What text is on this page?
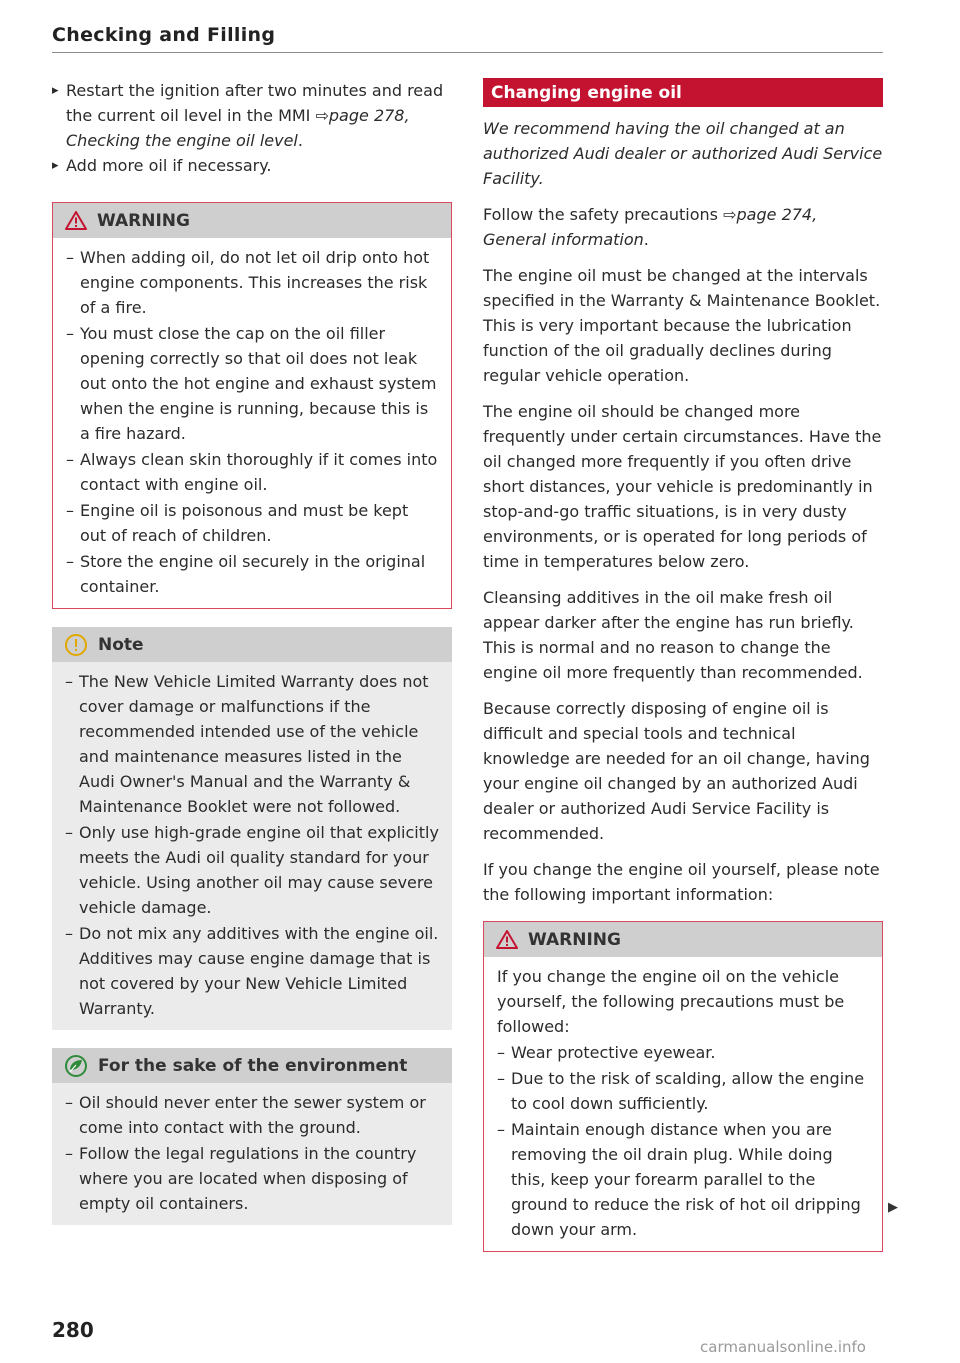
Checking and Filling

▸ Restart the ignition after two minutes and read the current oil level in the MMI ⇨page 278, Checking the engine oil level.

▸ Add more oil if necessary.

WARNING
– When adding oil, do not let oil drip onto hot engine components. This increases the risk of a fire.
– You must close the cap on the oil filler opening correctly so that oil does not leak out onto the hot engine and exhaust system when the engine is running, because this is a fire hazard.
– Always clean skin thoroughly if it comes into contact with engine oil.
– Engine oil is poisonous and must be kept out of reach of children.
– Store the engine oil securely in the original container.
Note
– The New Vehicle Limited Warranty does not cover damage or malfunctions if the recommended intended use of the vehicle and maintenance measures listed in the Audi Owner's Manual and the Warranty & Maintenance Booklet were not followed.
– Only use high-grade engine oil that explicitly meets the Audi oil quality standard for your vehicle. Using another oil may cause severe vehicle damage.
– Do not mix any additives with the engine oil. Additives may cause engine damage that is not covered by your New Vehicle Limited Warranty.
For the sake of the environment
– Oil should never enter the sewer system or come into contact with the ground.
– Follow the legal regulations in the country where you are located when disposing of empty oil containers.
Changing engine oil

We recommend having the oil changed at an authorized Audi dealer or authorized Audi Service Facility.

Follow the safety precautions ⇨page 274, General information.

The engine oil must be changed at the intervals specified in the Warranty & Maintenance Booklet. This is very important because the lubrication function of the oil gradually declines during regular vehicle operation.

The engine oil should be changed more frequently under certain circumstances. Have the oil changed more frequently if you often drive short distances, your vehicle is predominantly in stop-and-go traffic situations, is in very dusty environments, or is operated for long periods of time in temperatures below zero.

Cleansing additives in the oil make fresh oil appear darker after the engine has run briefly. This is normal and no reason to change the engine oil more frequently than recommended.

Because correctly disposing of engine oil is difficult and special tools and technical knowledge are needed for an oil change, having your engine oil changed by an authorized Audi dealer or authorized Audi Service Facility is recommended.

If you change the engine oil yourself, please note the following important information:

WARNING

If you change the engine oil on the vehicle yourself, the following precautions must be followed:

– Wear protective eyewear.
– Due to the risk of scalding, allow the engine to cool down sufficiently.
– Maintain enough distance when you are removing the oil drain plug. While doing this, keep your forearm parallel to the ground to reduce the risk of hot oil dripping down your arm.
▶
280
carmanualsonline.info
